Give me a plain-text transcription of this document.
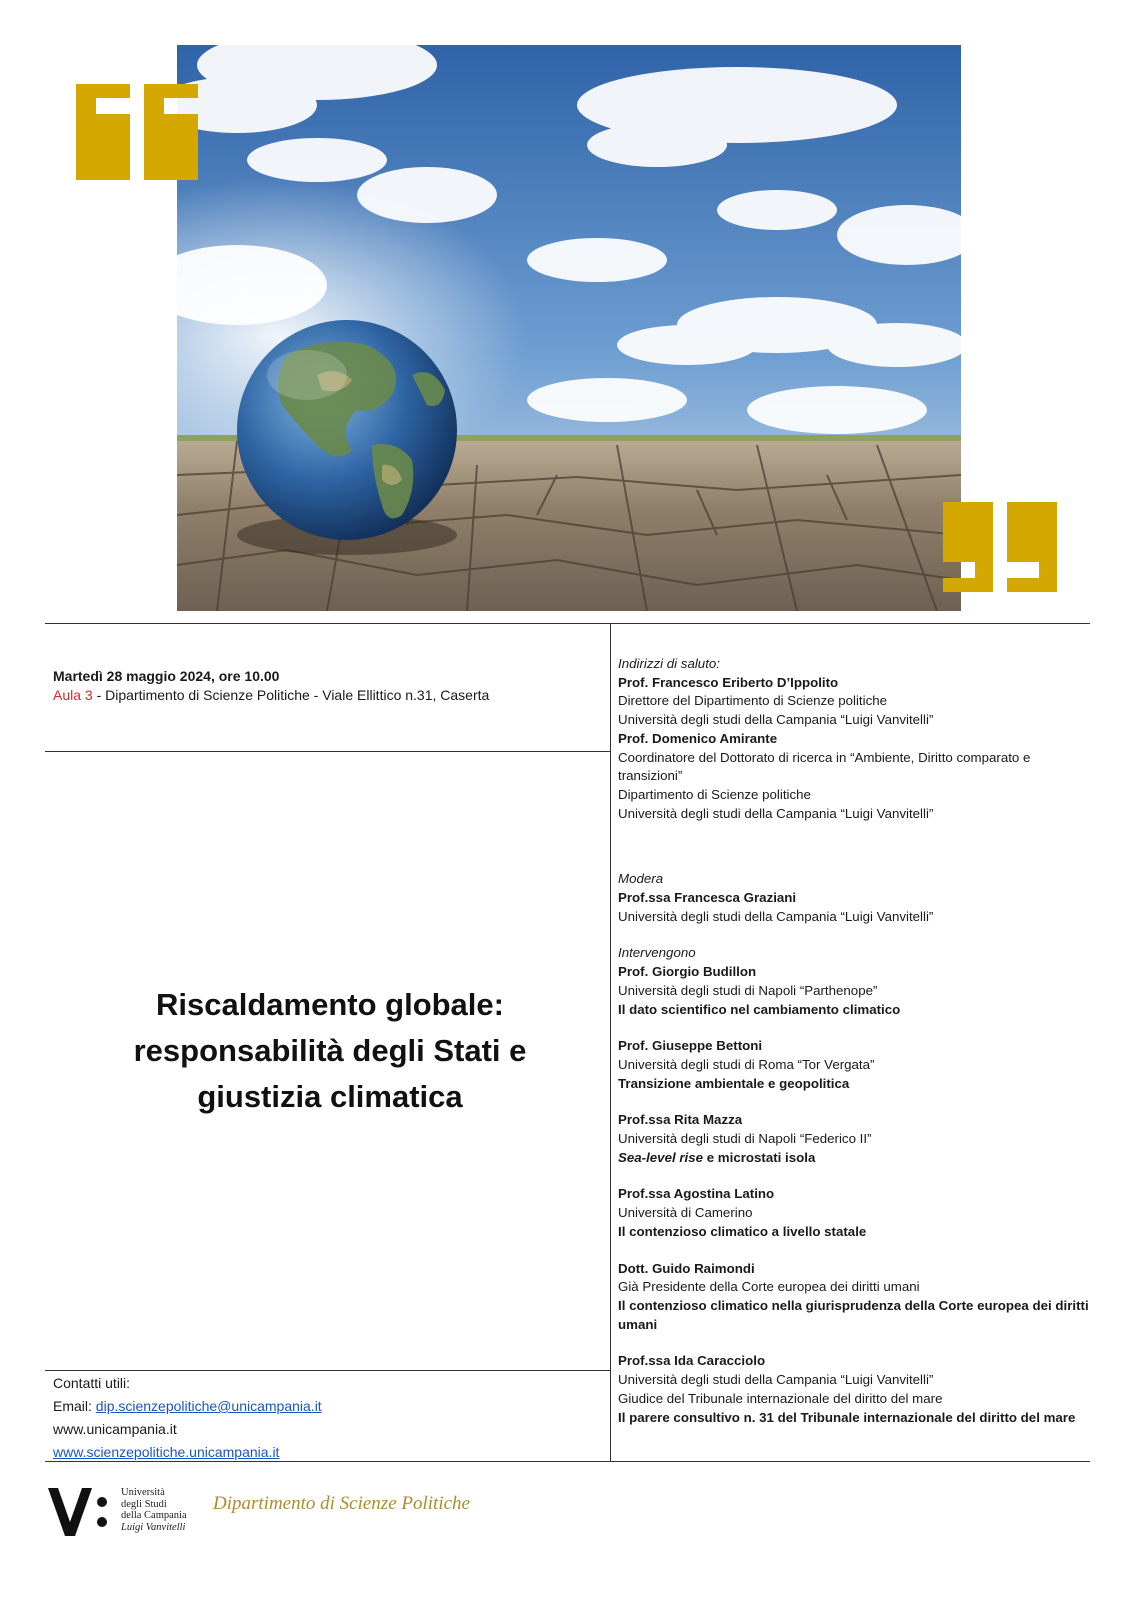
Martedì 28 maggio 2024, ore 10.00
Aula 3 - Dipartimento di Scienze Politiche - Viale Ellittico n.31, Caserta
Riscaldamento globale:
responsabilità degli Stati e
giustizia climatica
Contatti utili:
Email: dip.scienzepolitiche@unicampania.it
www.unicampania.it
www.scienzepolitiche.unicampania.it
Indirizzi di saluto:
Prof. Francesco Eriberto D’Ippolito
Direttore del Dipartimento di Scienze politiche
Università degli studi della Campania “Luigi Vanvitelli”
Prof. Domenico Amirante
Coordinatore del Dottorato di ricerca in “Ambiente, Diritto comparato e transizioni”
Dipartimento di Scienze politiche
Università degli studi della Campania “Luigi Vanvitelli”
Modera
Prof.ssa Francesca Graziani
Università degli studi della Campania “Luigi Vanvitelli”
Intervengono
Prof. Giorgio Budillon
Università degli studi di Napoli “Parthenope”
Il dato scientifico nel cambiamento climatico
Prof. Giuseppe Bettoni
Università degli studi di Roma “Tor Vergata”
Transizione ambientale e geopolitica
Prof.ssa Rita Mazza
Università degli studi di Napoli “Federico II”
Sea-level rise e microstati isola
Prof.ssa Agostina Latino
Università di Camerino
Il contenzioso climatico a livello statale
Dott. Guido Raimondi
Già Presidente della Corte europea dei diritti umani
Il contenzioso climatico nella giurisprudenza della Corte europea dei diritti umani
Prof.ssa Ida Caracciolo
Università degli studi della Campania “Luigi Vanvitelli”
Giudice del Tribunale internazionale del diritto del mare
Il parere consultivo n. 31 del Tribunale internazionale del diritto del mare
Università
degli Studi
della Campania
Luigi Vanvitelli
Dipartimento di Scienze Politiche
